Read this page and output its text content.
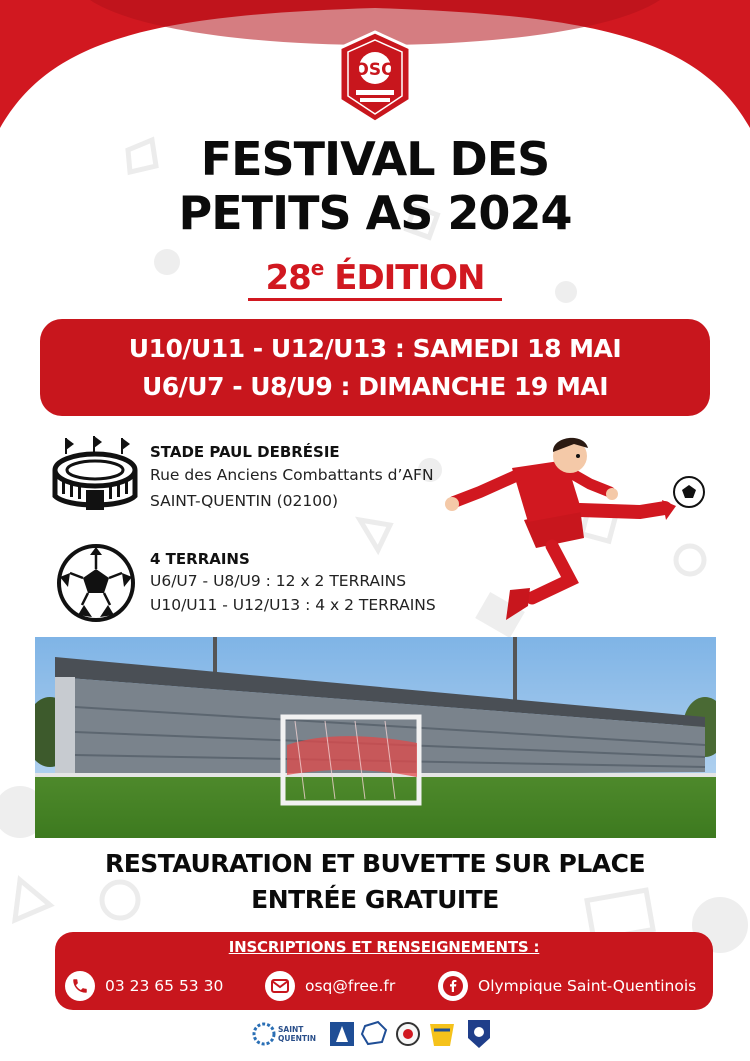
OSQ
FESTIVAL DES
PETITS AS 2024
28e ÉDITION
U10/U11 - U12/U13 : SAMEDI 18 MAI
U6/U7 - U8/U9 : DIMANCHE 19 MAI
STADE PAUL DEBRÉSIE
Rue des Anciens Combattants d’AFN
SAINT-QUENTIN (02100)
4 TERRAINS
U6/U7 - U8/U9 : 12 x 2 TERRAINS
U10/U11 - U12/U13 : 4 x 2 TERRAINS
RESTAURATION ET BUVETTE SUR PLACE
ENTRÉE GRATUITE
INSCRIPTIONS ET RENSEIGNEMENTS :
03 23 65 53 30	osq@free.fr	Olympique Saint-Quentinois
SAINT
QUENTIN
